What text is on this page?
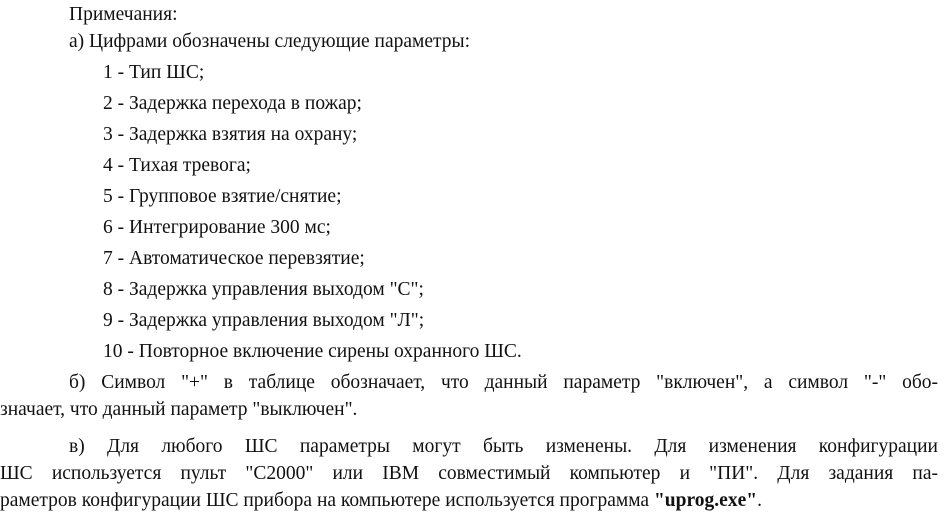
Примечания:
а) Цифрами обозначены следующие параметры:
1 - Тип ШС;
2 - Задержка перехода в пожар;
3 - Задержка взятия на охрану;
4 - Тихая тревога;
5 - Групповое взятие/снятие;
6 - Интегрирование 300 мс;
7 - Автоматическое перевзятие;
8 - Задержка управления выходом "С";
9 - Задержка управления выходом "Л";
10 - Повторное включение сирены охранного ШС.
б) Символ "+" в таблице обозначает, что данный параметр "включен", а символ "-" обо-
значает, что данный параметр "выключен".
в) Для любого ШС параметры могут быть изменены. Для изменения конфигурации
ШС используется пульт "С2000" или IBM совместимый компьютер и "ПИ". Для задания па-
раметров конфигурации ШС прибора на компьютере используется программа "uprog.exe".
